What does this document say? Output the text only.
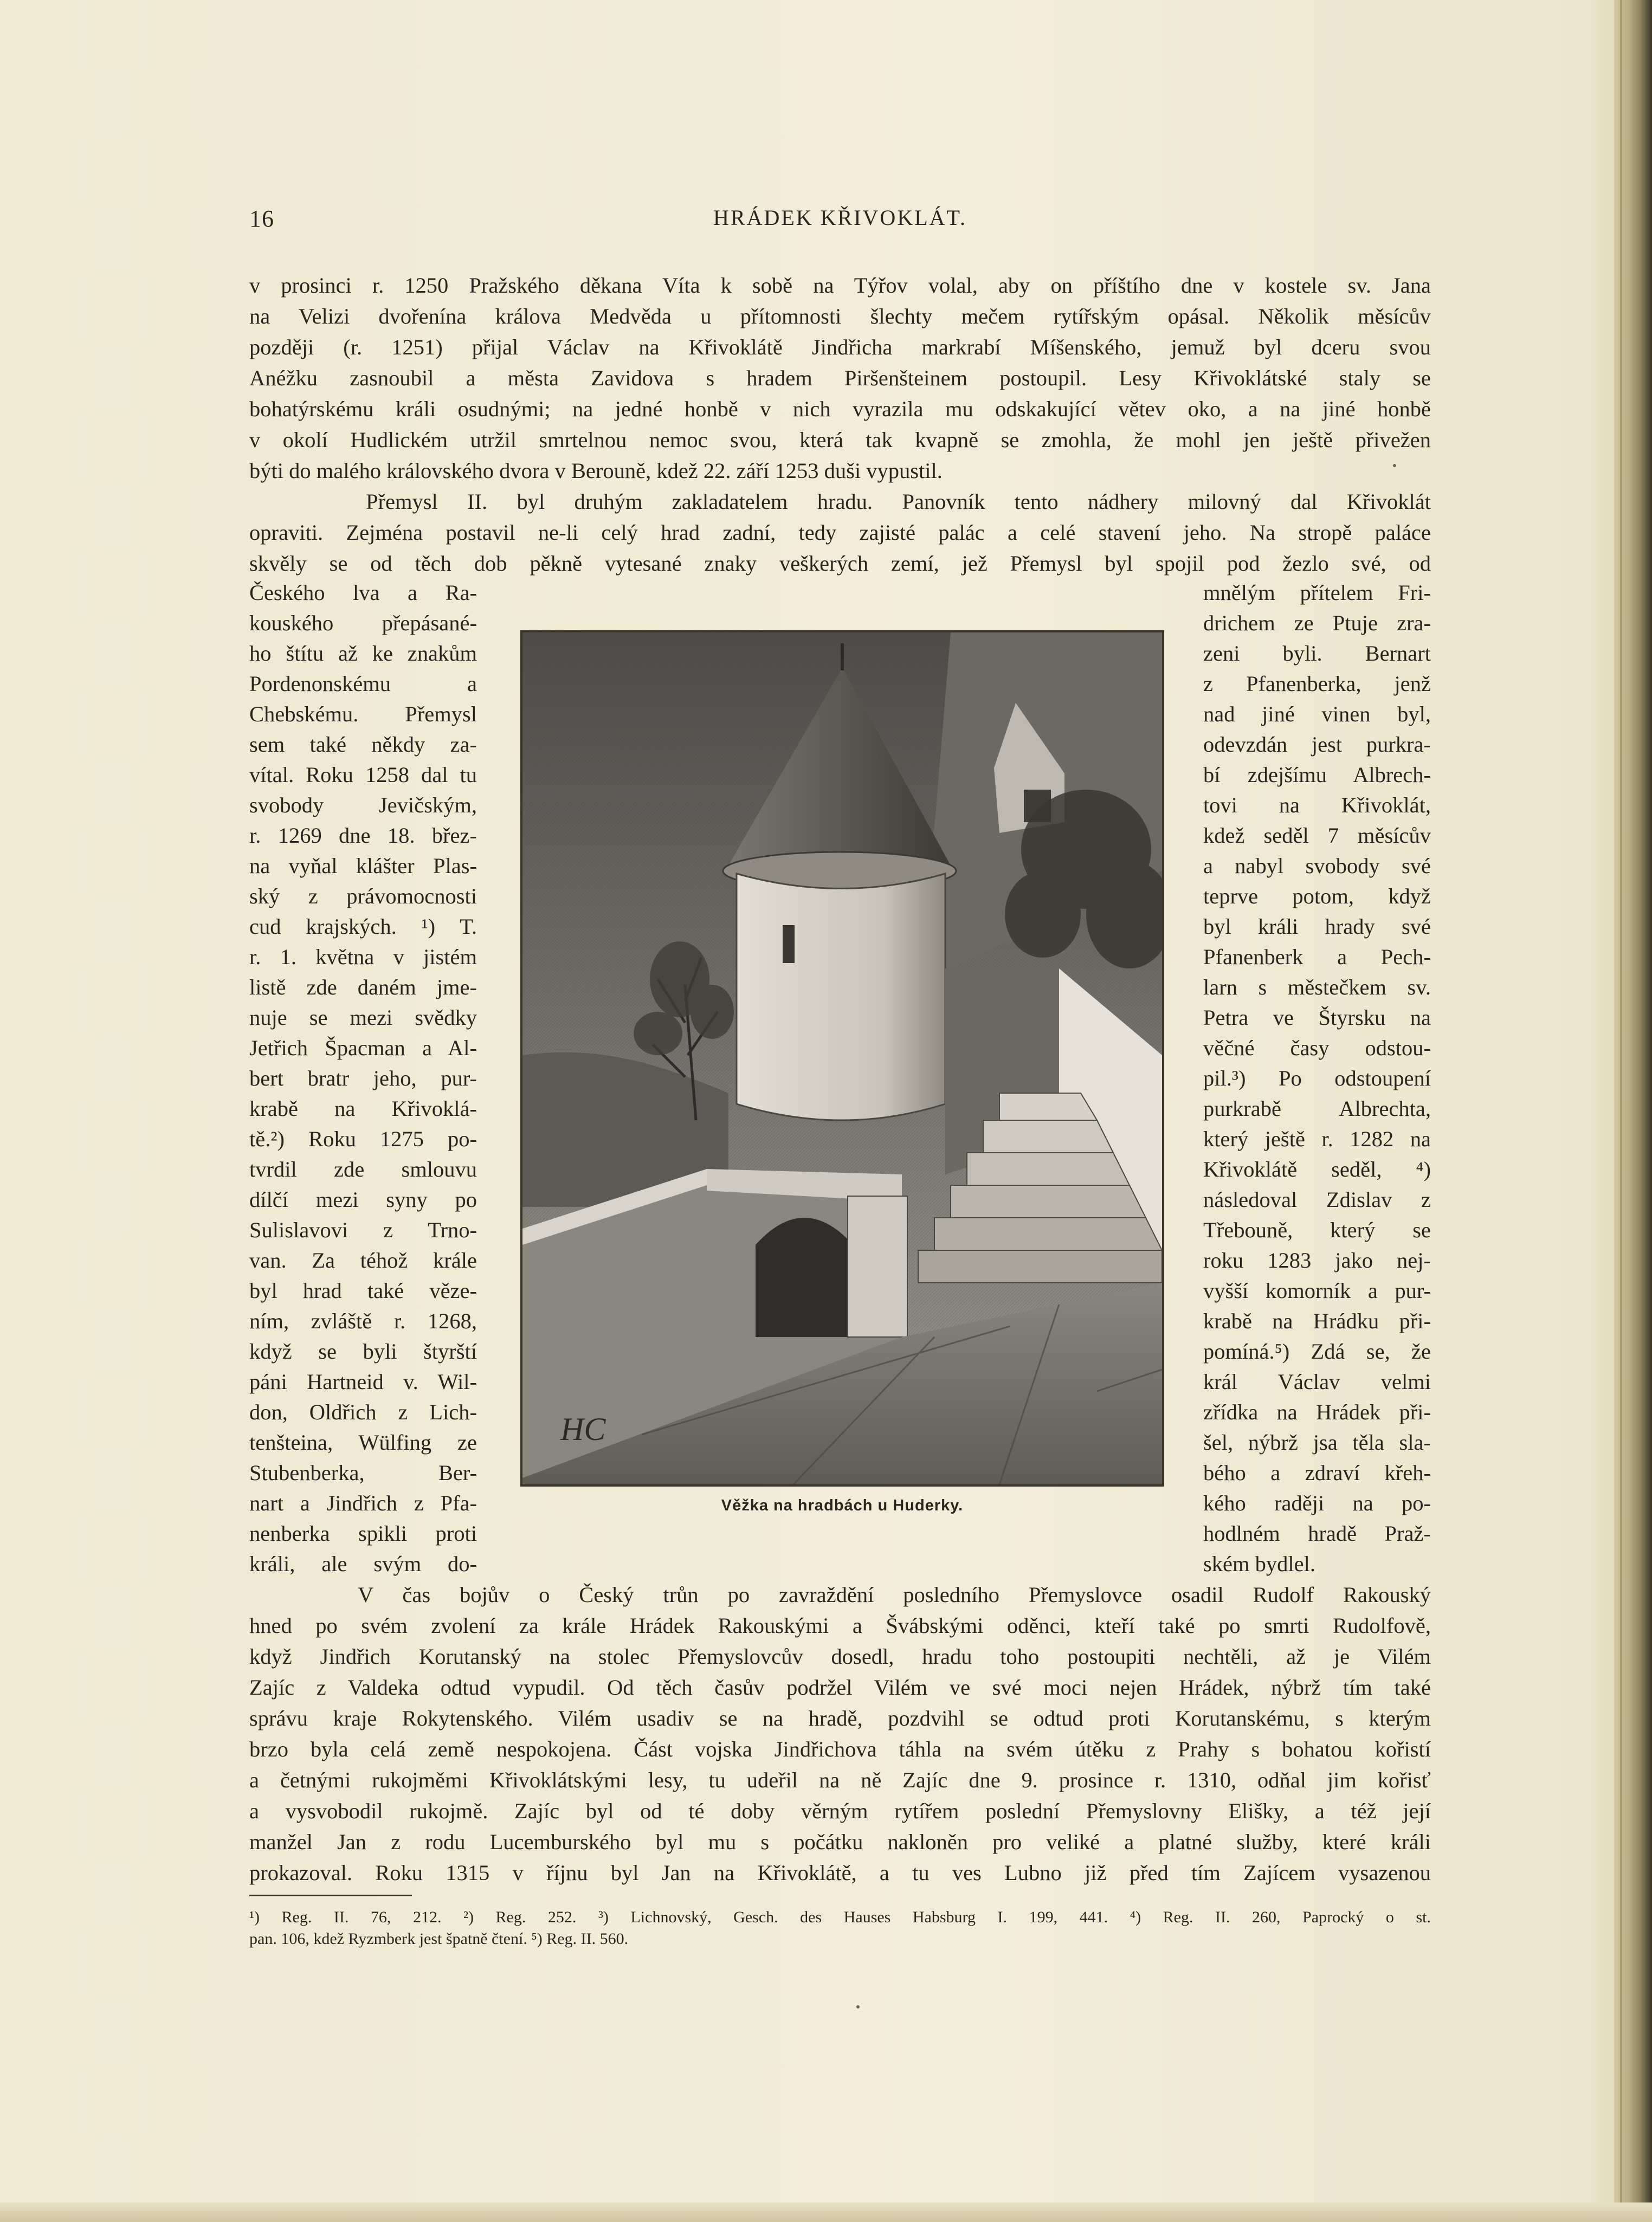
16	HRÁDEK KŘIVOKLÁT.
v prosinci r. 1250 Pražského děkana Víta k sobě na Týřov volal, aby on příštího dne v kostele sv. Jana
na Velizi dvořenína králova Medvěda u přítomnosti šlechty mečem rytířským opásal. Několik měsícův
později (r. 1251) přijal Václav na Křivoklátě Jindřicha markrabí Míšenského, jemuž byl dceru svou
Anéžku zasnoubil a města Zavidova s hradem Piršenšteinem postoupil. Lesy Křivoklátské staly se
bohatýrskému králi osudnými; na jedné honbě v nich vyrazila mu odskakující větev oko, a na jiné honbě
v okolí Hudlickém utržil smrtelnou nemoc svou, která tak kvapně se zmohla, že mohl jen ještě přivežen
býti do malého královského dvora v Berouně, kdež 22. září 1253 duši vypustil.
Přemysl II. byl druhým zakladatelem hradu. Panovník tento nádhery milovný dal Křivoklát
opraviti. Zejména postavil ne-li celý hrad zadní, tedy zajisté palác a celé stavení jeho. Na stropě paláce
skvěly se od těch dob pěkně vytesané znaky veškerých zemí, jež Přemysl byl spojil pod žezlo své, od
Českého lva a Ra-
kouského přepásané-
ho štítu až ke znakům
Pordenonskému a
Chebskému. Přemysl
sem také někdy za-
vítal. Roku 1258 dal tu
svobody Jevičským,
r. 1269 dne 18. břez-
na vyňal klášter Plas-
ský z právomocnosti
cud krajských. ¹) T.
r. 1. května v jistém
listě zde daném jme-
nuje se mezi svědky
Jetřich Špacman a Al-
bert bratr jeho, pur-
krabě na Křivoklá-
tě.²) Roku 1275 po-
tvrdil zde smlouvu
dílčí mezi syny po
Sulislavovi z Trno-
van. Za téhož krále
byl hrad také věze-
ním, zvláště r. 1268,
když se byli štyrští
páni Hartneid v. Wil-
don, Oldřich z Lich-
tenšteina, Wülfing ze
Stubenberka, Ber-
nart a Jindřich z Pfa-
nenberka spikli proti
králi, ale svým do-
HC
Věžka na hradbách u Huderky.
mnělým přítelem Fri-
drichem ze Ptuje zra-
zeni byli. Bernart
z Pfanenberka, jenž
nad jiné vinen byl,
odevzdán jest purkra-
bí zdejšímu Albrech-
tovi na Křivoklát,
kdež seděl 7 měsícův
a nabyl svobody své
teprve potom, když
byl králi hrady své
Pfanenberk a Pech-
larn s městečkem sv.
Petra ve Štyrsku na
věčné časy odstou-
pil.³) Po odstoupení
purkrabě Albrechta,
který ještě r. 1282 na
Křivoklátě seděl, ⁴)
následoval Zdislav z
Třebouně, který se
roku 1283 jako nej-
vyšší komorník a pur-
krabě na Hrádku při-
pomíná.⁵) Zdá se, že
král Václav velmi
zřídka na Hrádek při-
šel, nýbrž jsa těla sla-
bého a zdraví křeh-
kého raději na po-
hodlném hradě Praž-
ském bydlel.
V čas bojův o Český trůn po zavraždění posledního Přemyslovce osadil Rudolf Rakouský
hned po svém zvolení za krále Hrádek Rakouskými a Švábskými oděnci, kteří také po smrti Rudolfově,
když Jindřich Korutanský na stolec Přemyslovcův dosedl, hradu toho postoupiti nechtěli, až je Vilém
Zajíc z Valdeka odtud vypudil. Od těch časův podržel Vilém ve své moci nejen Hrádek, nýbrž tím také
správu kraje Rokytenského. Vilém usadiv se na hradě, pozdvihl se odtud proti Korutanskému, s kterým
brzo byla celá země nespokojena. Část vojska Jindřichova táhla na svém útěku z Prahy s bohatou kořistí
a četnými rukojměmi Křivoklátskými lesy, tu udeřil na ně Zajíc dne 9. prosince r. 1310, odňal jim kořisť
a vysvobodil rukojmě. Zajíc byl od té doby věrným rytířem poslední Přemyslovny Elišky, a též její
manžel Jan z rodu Lucemburského byl mu s počátku nakloněn pro veliké a platné služby, které králi
prokazoval. Roku 1315 v říjnu byl Jan na Křivoklátě, a tu ves Lubno již před tím Zajícem vysazenou
¹) Reg. II. 76, 212. ²) Reg. 252. ³) Lichnovský, Gesch. des Hauses Habsburg I. 199, 441. ⁴) Reg. II. 260, Paprocký o st.
pan. 106, kdež Ryzmberk jest špatně čtení. ⁵) Reg. II. 560.
